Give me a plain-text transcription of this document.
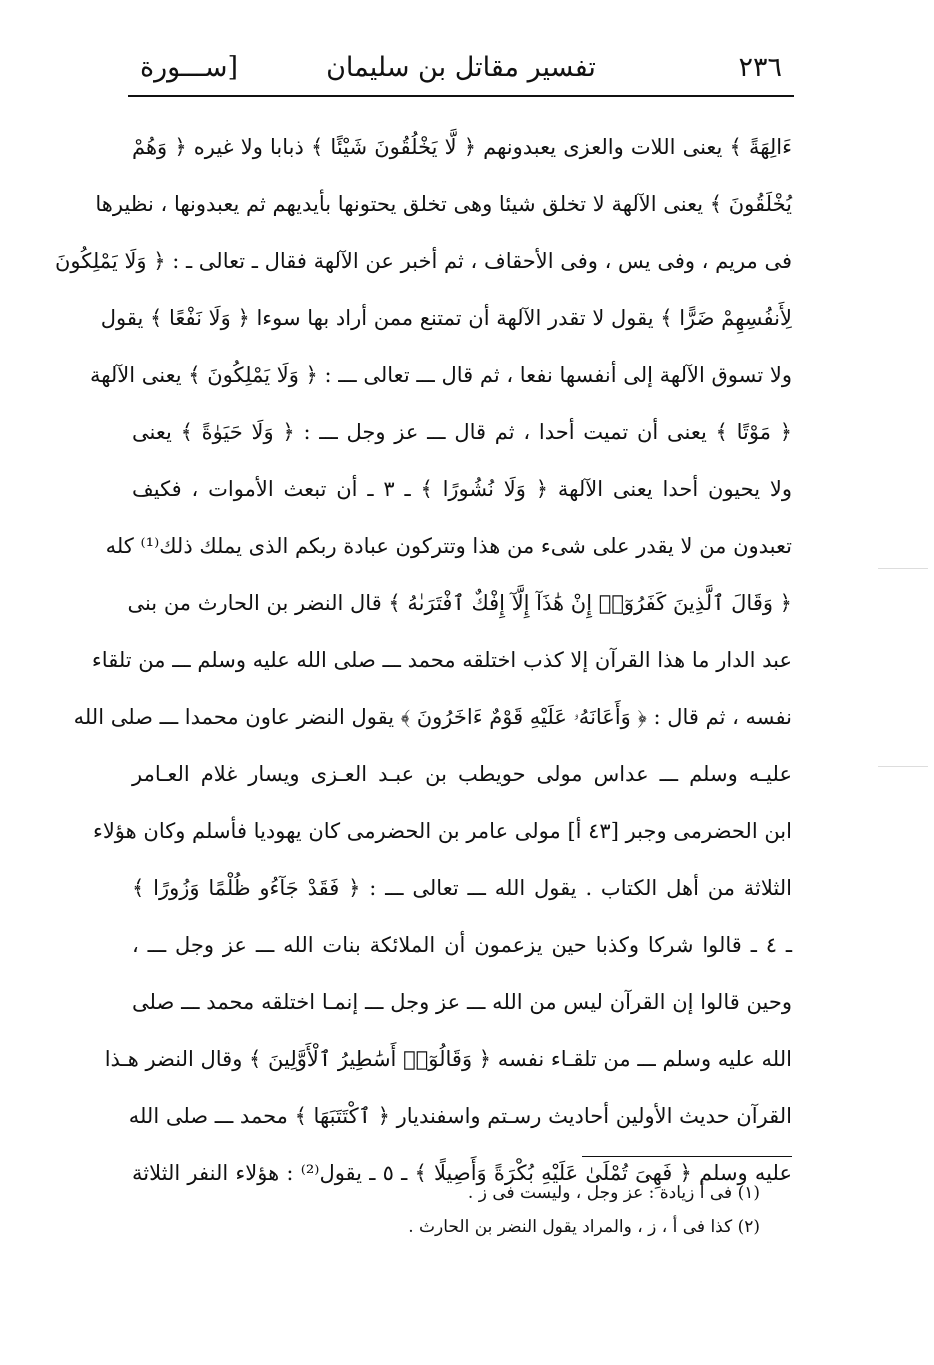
٢٣٦
تفسير مقاتل بن سليمان
[ســـورة
ءَالِهَةً ﴾ يعنى اللات والعزى يعبدونهم ﴿ لَّا يَخْلُقُونَ شَيْئًا ﴾ ذبابا ولا غيره ﴿ وَهُمْ
يُخْلَقُونَ ﴾ يعنى الآلهة لا تخلق شيئا وهى تخلق يحتونها بأيديهم ثم يعبدونها ، نظيرها
فى مريم ، وفى يس ، وفى الأحقاف ، ثم أخبر عن الآلهة فقال ـ تعالى ـ : ﴿ وَلَا يَمْلِكُونَ
لِأَنفُسِهِمْ ضَرًّا ﴾ يقول لا تقدر الآلهة أن تمتنع ممن أراد بها سوءا ﴿ وَلَا نَفْعًا ﴾ يقول
ولا تسوق الآلهة إلى أنفسها نفعا ، ثم قال ـــ تعالى ـــ : ﴿ وَلَا يَمْلِكُونَ ﴾ يعنى الآلهة
﴿ مَوْتًا ﴾ يعنى أن تميت أحدا ، ثم قال ـــ عز وجل ـــ : ﴿ وَلَا حَيَوٰةً ﴾ يعنى
ولا يحيون أحدا يعنى الآلهة ﴿ وَلَا نُشُورًا ﴾ ـ ٣ ـ أن تبعث الأموات ، فكيف
تعبدون من لا يقدر على شىء من هذا وتتركون عبادة ربكم الذى يملك ذلك⁽¹⁾ كله
﴿ وَقَالَ ٱلَّذِينَ كَفَرُوٓا۟ إِنْ هَٰذَآ إِلَّآ إِفْكٌ ٱفْتَرَىٰهُ ﴾ قال النضر بن الحارث من بنى
عبد الدار ما هذا القرآن إلا كذب اختلقه محمد ـــ صلى الله عليه وسلم ـــ من تلقاء
نفسه ، ثم قال : ﴿ وَأَعَانَهُۥ عَلَيْهِ قَوْمٌ ءَاخَرُونَ ﴾ يقول النضر عاون محمدا ـــ صلى الله
عليـه وسلم ـــ عداس مولى حويطب بن عبـد العـزى ويسار غلام العـامر
ابن الحضرمى وجبر [٤٣ أ] مولى عامر بن الحضرمى كان يهوديا فأسلم وكان هؤلاء
الثلاثة من أهل الكتاب . يقول الله ـــ تعالى ـــ : ﴿ فَقَدْ جَآءُو ظُلْمًا وَزُورًا ﴾
ـ ٤ ـ قالوا شركا وكذبا حين يزعمون أن الملائكة بنات الله ـــ عز وجل ـــ ،
وحين قالوا إن القرآن ليس من الله ـــ عز وجل ـــ إنمـا اختلقه محمد ـــ صلى
الله عليه وسلم ـــ من تلقـاء نفسه ﴿ وَقَالُوٓا۟ أَسَٰطِيرُ ٱلْأَوَّلِينَ ﴾ وقال النضر هـذا
القرآن حديث الأولين أحاديث رسـتم واسفنديار ﴿ ٱكْتَتَبَهَا ﴾ محمد ـــ صلى الله
عليه وسلم ﴿ فَهِىَ تُمْلَىٰ عَلَيْهِ بُكْرَةً وَأَصِيلًا ﴾ ـ ٥ ـ يقول⁽²⁾ : هؤلاء النفر الثلاثة
(١) فى أ زيادة : عز وجل ، وليست فى ز .
(٢) كذا فى أ ، ز ، والمراد يقول النضر بن الحارث .
